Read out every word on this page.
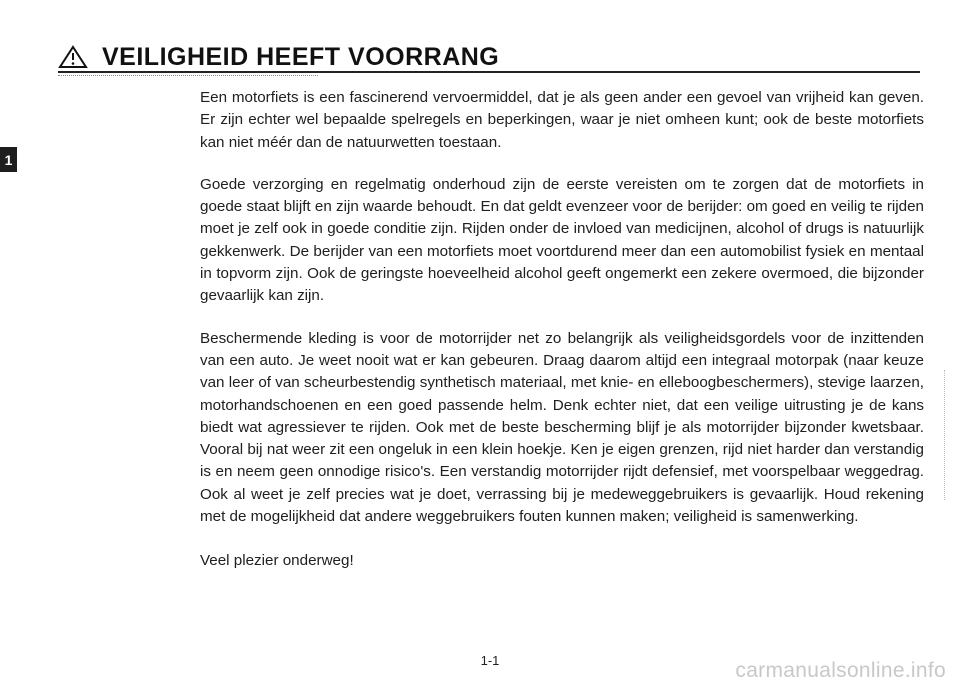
VEILIGHEID HEEFT VOORRANG
1

Een motorfiets is een fascinerend vervoermiddel, dat je als geen ander een gevoel van vrijheid kan geven. Er zijn echter wel bepaalde spelregels en beperkingen, waar je niet omheen kunt; ook de beste motorfiets kan niet méér dan de natuurwetten toestaan.

Goede verzorging en regelmatig onderhoud zijn de eerste vereisten om te zorgen dat de motorfiets in goede staat blijft en zijn waarde behoudt. En dat geldt evenzeer voor de berijder: om goed en veilig te rijden moet je zelf ook in goede conditie zijn. Rijden onder de invloed van medicijnen, alcohol of drugs is natuurlijk gekkenwerk. De berijder van een motorfiets moet voortdurend meer dan een automobilist fysiek en mentaal in topvorm zijn. Ook de geringste hoeveelheid alcohol geeft ongemerkt een zekere overmoed, die bijzonder gevaarlijk kan zijn.

Beschermende kleding is voor de motorrijder net zo belangrijk als veiligheidsgordels voor de inzittenden van een auto. Je weet nooit wat er kan gebeuren. Draag daarom altijd een integraal motorpak (naar keuze van leer of van scheurbestendig synthetisch materiaal, met knie- en elleboogbeschermers), stevige laarzen, motorhandschoenen en een goed passende helm. Denk echter niet, dat een veilige uitrusting je de kans biedt wat agressiever te rijden. Ook met de beste bescherming blijf je als motorrijder bijzonder kwetsbaar. Vooral bij nat weer zit een ongeluk in een klein hoekje. Ken je eigen grenzen, rijd niet harder dan verstandig is en neem geen onnodige risico's. Een verstandig motorrijder rijdt defensief, met voorspelbaar weggedrag. Ook al weet je zelf precies wat je doet, verrassing bij je medeweggebruikers is gevaarlijk. Houd rekening met de mogelijkheid dat andere weggebruikers fouten kunnen maken; veiligheid is samenwerking.

Veel plezier onderweg!

1-1	carmanualsonline.info
